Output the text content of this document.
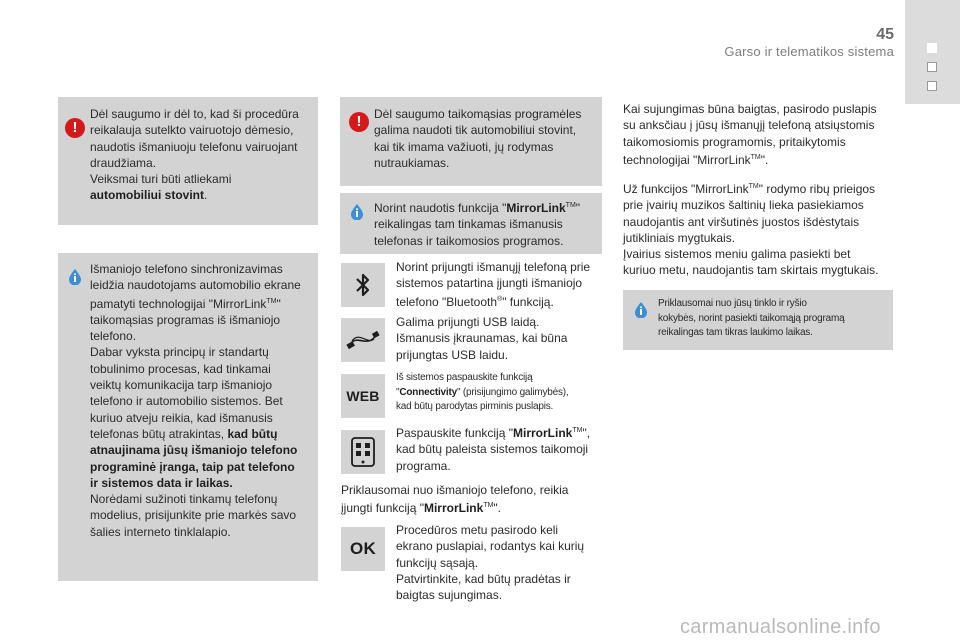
45
Garso ir telematikos sistema
!
Dėl saugumo ir dėl to, kad ši procedūra
reikalauja sutelkto vairuotojo dėmesio,
naudotis išmaniuoju telefonu vairuojant
draudžiama.
Veiksmai turi būti atliekami
automobiliui stovint.
Išmaniojo telefono sinchronizavimas
leidžia naudotojams automobilio ekrane
pamatyti technologijai "MirrorLink™"
taikomąsias programas iš išmaniojo
telefono.
Dabar vyksta principų ir standartų
tobulinimo procesas, kad tinkamai
veiktų komunikacija tarp išmaniojo
telefono ir automobilio sistemos. Bet
kuriuo atveju reikia, kad išmanusis
telefonas būtų atrakintas, kad būtų
atnaujinama jūsų išmaniojo telefono
programinė įranga, taip pat telefono
ir sistemos data ir laikas.
Norėdami sužinoti tinkamų telefonų
modelius, prisijunkite prie markės savo
šalies interneto tinklalapio.
!	Dėl saugumo taikomąsias programėles
galima naudoti tik automobiliui stovint,
kai tik imama važiuoti, jų rodymas
nutraukiamas.
Norint naudotis funkcija "MirrorLink™"
reikalingas tam tinkamas išmanusis
telefonas ir taikomosios programos.
Norint prijungti išmanųjį telefoną prie
sistemos patartina įjungti išmaniojo
telefono "Bluetooth®" funkciją.
Galima prijungti USB laidą.
Išmanusis įkraunamas, kai būna
prijungtas USB laidu.
WEB
Iš sistemos paspauskite funkciją
"Connectivity" (prisijungimo galimybės),
kad būtų parodytas pirminis puslapis.
Paspauskite funkciją "MirrorLink™",
kad būtų paleista sistemos taikomoji
programa.
Priklausomai nuo išmaniojo telefono, reikia
įjungti funkciją "MirrorLink™".
OK
Procedūros metu pasirodo keli
ekrano puslapiai, rodantys kai kurių
funkcijų sąsają.
Patvirtinkite, kad būtų pradėtas ir
baigtas sujungimas.
Kai sujungimas būna baigtas, pasirodo puslapis
su anksčiau į jūsų išmanųjį telefoną atsiųstomis
taikomosiomis programomis, pritaikytomis
technologijai "MirrorLink™".
Už funkcijos "MirrorLink™" rodymo ribų prieigos
prie įvairių muzikos šaltinių lieka pasiekiamos
naudojantis ant viršutinės juostos išdėstytais
jutikliniais mygtukais.
Įvairius sistemos meniu galima pasiekti bet
kuriuo metu, naudojantis tam skirtais mygtukais.
Priklausomai nuo jūsų tinklo ir ryšio
kokybės, norint pasiekti taikomąją programą
reikalingas tam tikras laukimo laikas.
carmanualsonline.info
